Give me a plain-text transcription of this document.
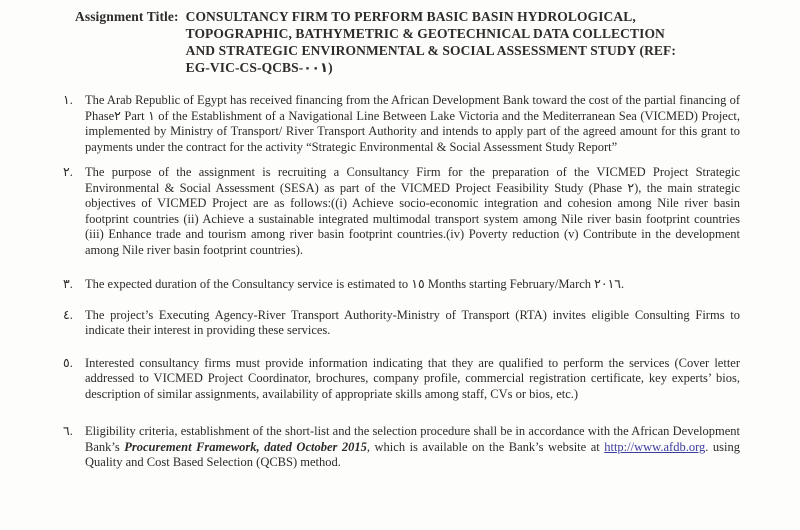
Assignment Title: CONSULTANCY FIRM TO PERFORM BASIC BASIN HYDROLOGICAL,
TOPOGRAPHIC, BATHYMETRIC & GEOTECHNICAL DATA COLLECTION
AND STRATEGIC ENVIRONMENTAL & SOCIAL ASSESSMENT STUDY (REF:
EG-VIC-CS-QCBS-٠٠١)
١. The Arab Republic of Egypt has received financing from the African Development Bank toward the cost of the partial financing of Phase٢ Part ١ of the Establishment of a Navigational Line Between Lake Victoria and the Mediterranean Sea (VICMED) Project, implemented by Ministry of Transport/ River Transport Authority and intends to apply part of the agreed amount for this grant to payments under the contract for the activity “Strategic Environmental & Social Assessment Study Report”
٢. The purpose of the assignment is recruiting a Consultancy Firm for the preparation of the VICMED Project Strategic Environmental & Social Assessment (SESA) as part of the VICMED Project Feasibility Study (Phase ٢), the main strategic objectives of VICMED Project are as follows:((i) Achieve socio-economic integration and cohesion among Nile river basin footprint countries (ii) Achieve a sustainable integrated multimodal transport system among Nile river basin footprint countries (iii) Enhance trade and tourism among river basin footprint countries.(iv) Poverty reduction (v) Contribute in the development among Nile river basin footprint countries).
٣. The expected duration of the Consultancy service is estimated to ١٥ Months starting February/March ٢٠١٦.
٤. The project’s Executing Agency-River Transport Authority-Ministry of Transport (RTA) invites eligible Consulting Firms to indicate their interest in providing these services.
٥. Interested consultancy firms must provide information indicating that they are qualified to perform the services (Cover letter addressed to VICMED Project Coordinator, brochures, company profile, commercial registration certificate, key experts’ bios, description of similar assignments, availability of appropriate skills among staff, CVs or bios, etc.)
٦. Eligibility criteria, establishment of the short-list and the selection procedure shall be in accordance with the African Development Bank’s Procurement Framework, dated October 2015, which is available on the Bank’s website at http://www.afdb.org. using Quality and Cost Based Selection (QCBS) method.
